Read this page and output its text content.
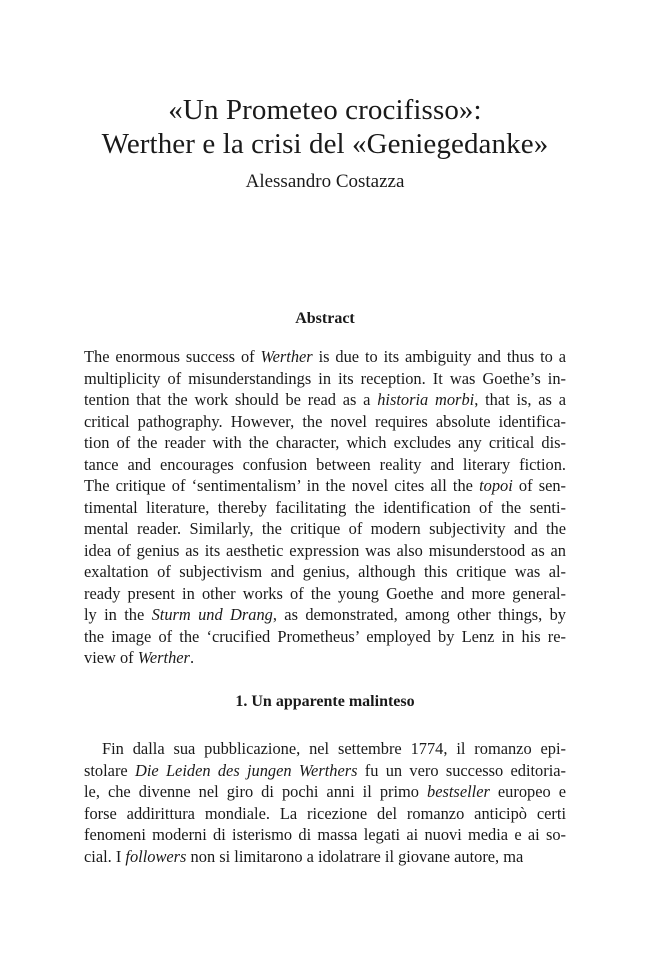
«Un Prometeo crocifisso»:
Werther e la crisi del «Geniegedanke»
Alessandro Costazza
Abstract
The enormous success of Werther is due to its ambiguity and thus to a
multiplicity of misunderstandings in its reception. It was Goethe’s in-
tention that the work should be read as a historia morbi, that is, as a
critical pathography. However, the novel requires absolute identifica-
tion of the reader with the character, which excludes any critical dis-
tance and encourages confusion between reality and literary fiction.
The critique of ‘sentimentalism’ in the novel cites all the topoi of sen-
timental literature, thereby facilitating the identification of the senti-
mental reader. Similarly, the critique of modern subjectivity and the
idea of genius as its aesthetic expression was also misunderstood as an
exaltation of subjectivism and genius, although this critique was al-
ready present in other works of the young Goethe and more general-
ly in the Sturm und Drang, as demonstrated, among other things, by
the image of the ‘crucified Prometheus’ employed by Lenz in his re-
view of Werther.
1. Un apparente malinteso
Fin dalla sua pubblicazione, nel settembre 1774, il romanzo epi-
stolare Die Leiden des jungen Werthers fu un vero successo editoria-
le, che divenne nel giro di pochi anni il primo bestseller europeo e
forse addirittura mondiale. La ricezione del romanzo anticipò certi
fenomeni moderni di isterismo di massa legati ai nuovi media e ai so-
cial. I followers non si limitarono a idolatrare il giovane autore, ma
